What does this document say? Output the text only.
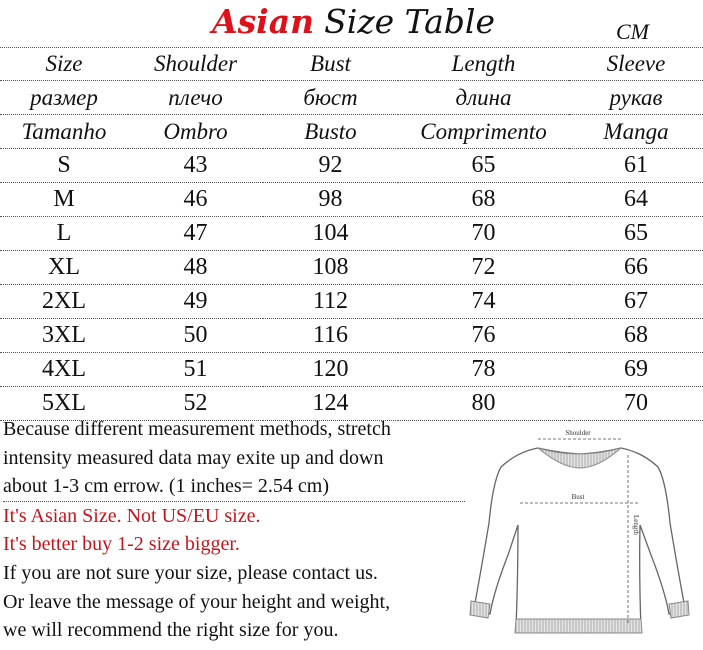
Asian Size Table	CM
Size	Shoulder	Bust	Length	Sleeve
размер	плечо	бюст	длина	рукав
Tamanho	Ombro	Busto	Comprimento	Manga
S	43	92	65	61
M	46	98	68	64
L	47	104	70	65
XL	48	108	72	66
2XL	49	112	74	67
3XL	50	116	76	68
4XL	51	120	78	69
5XL	52	124	80	70
Because different measurement methods, stretch
intensity measured data may exite up and down
about 1-3 cm errow. (1 inches= 2.54 cm)
It's Asian Size. Not US/EU size.
It's better buy 1-2 size bigger.
If you are not sure your size, please contact us.
Or leave the message of your height and weight,
we will recommend the right size for you.
Shoulder
Bust
Length
